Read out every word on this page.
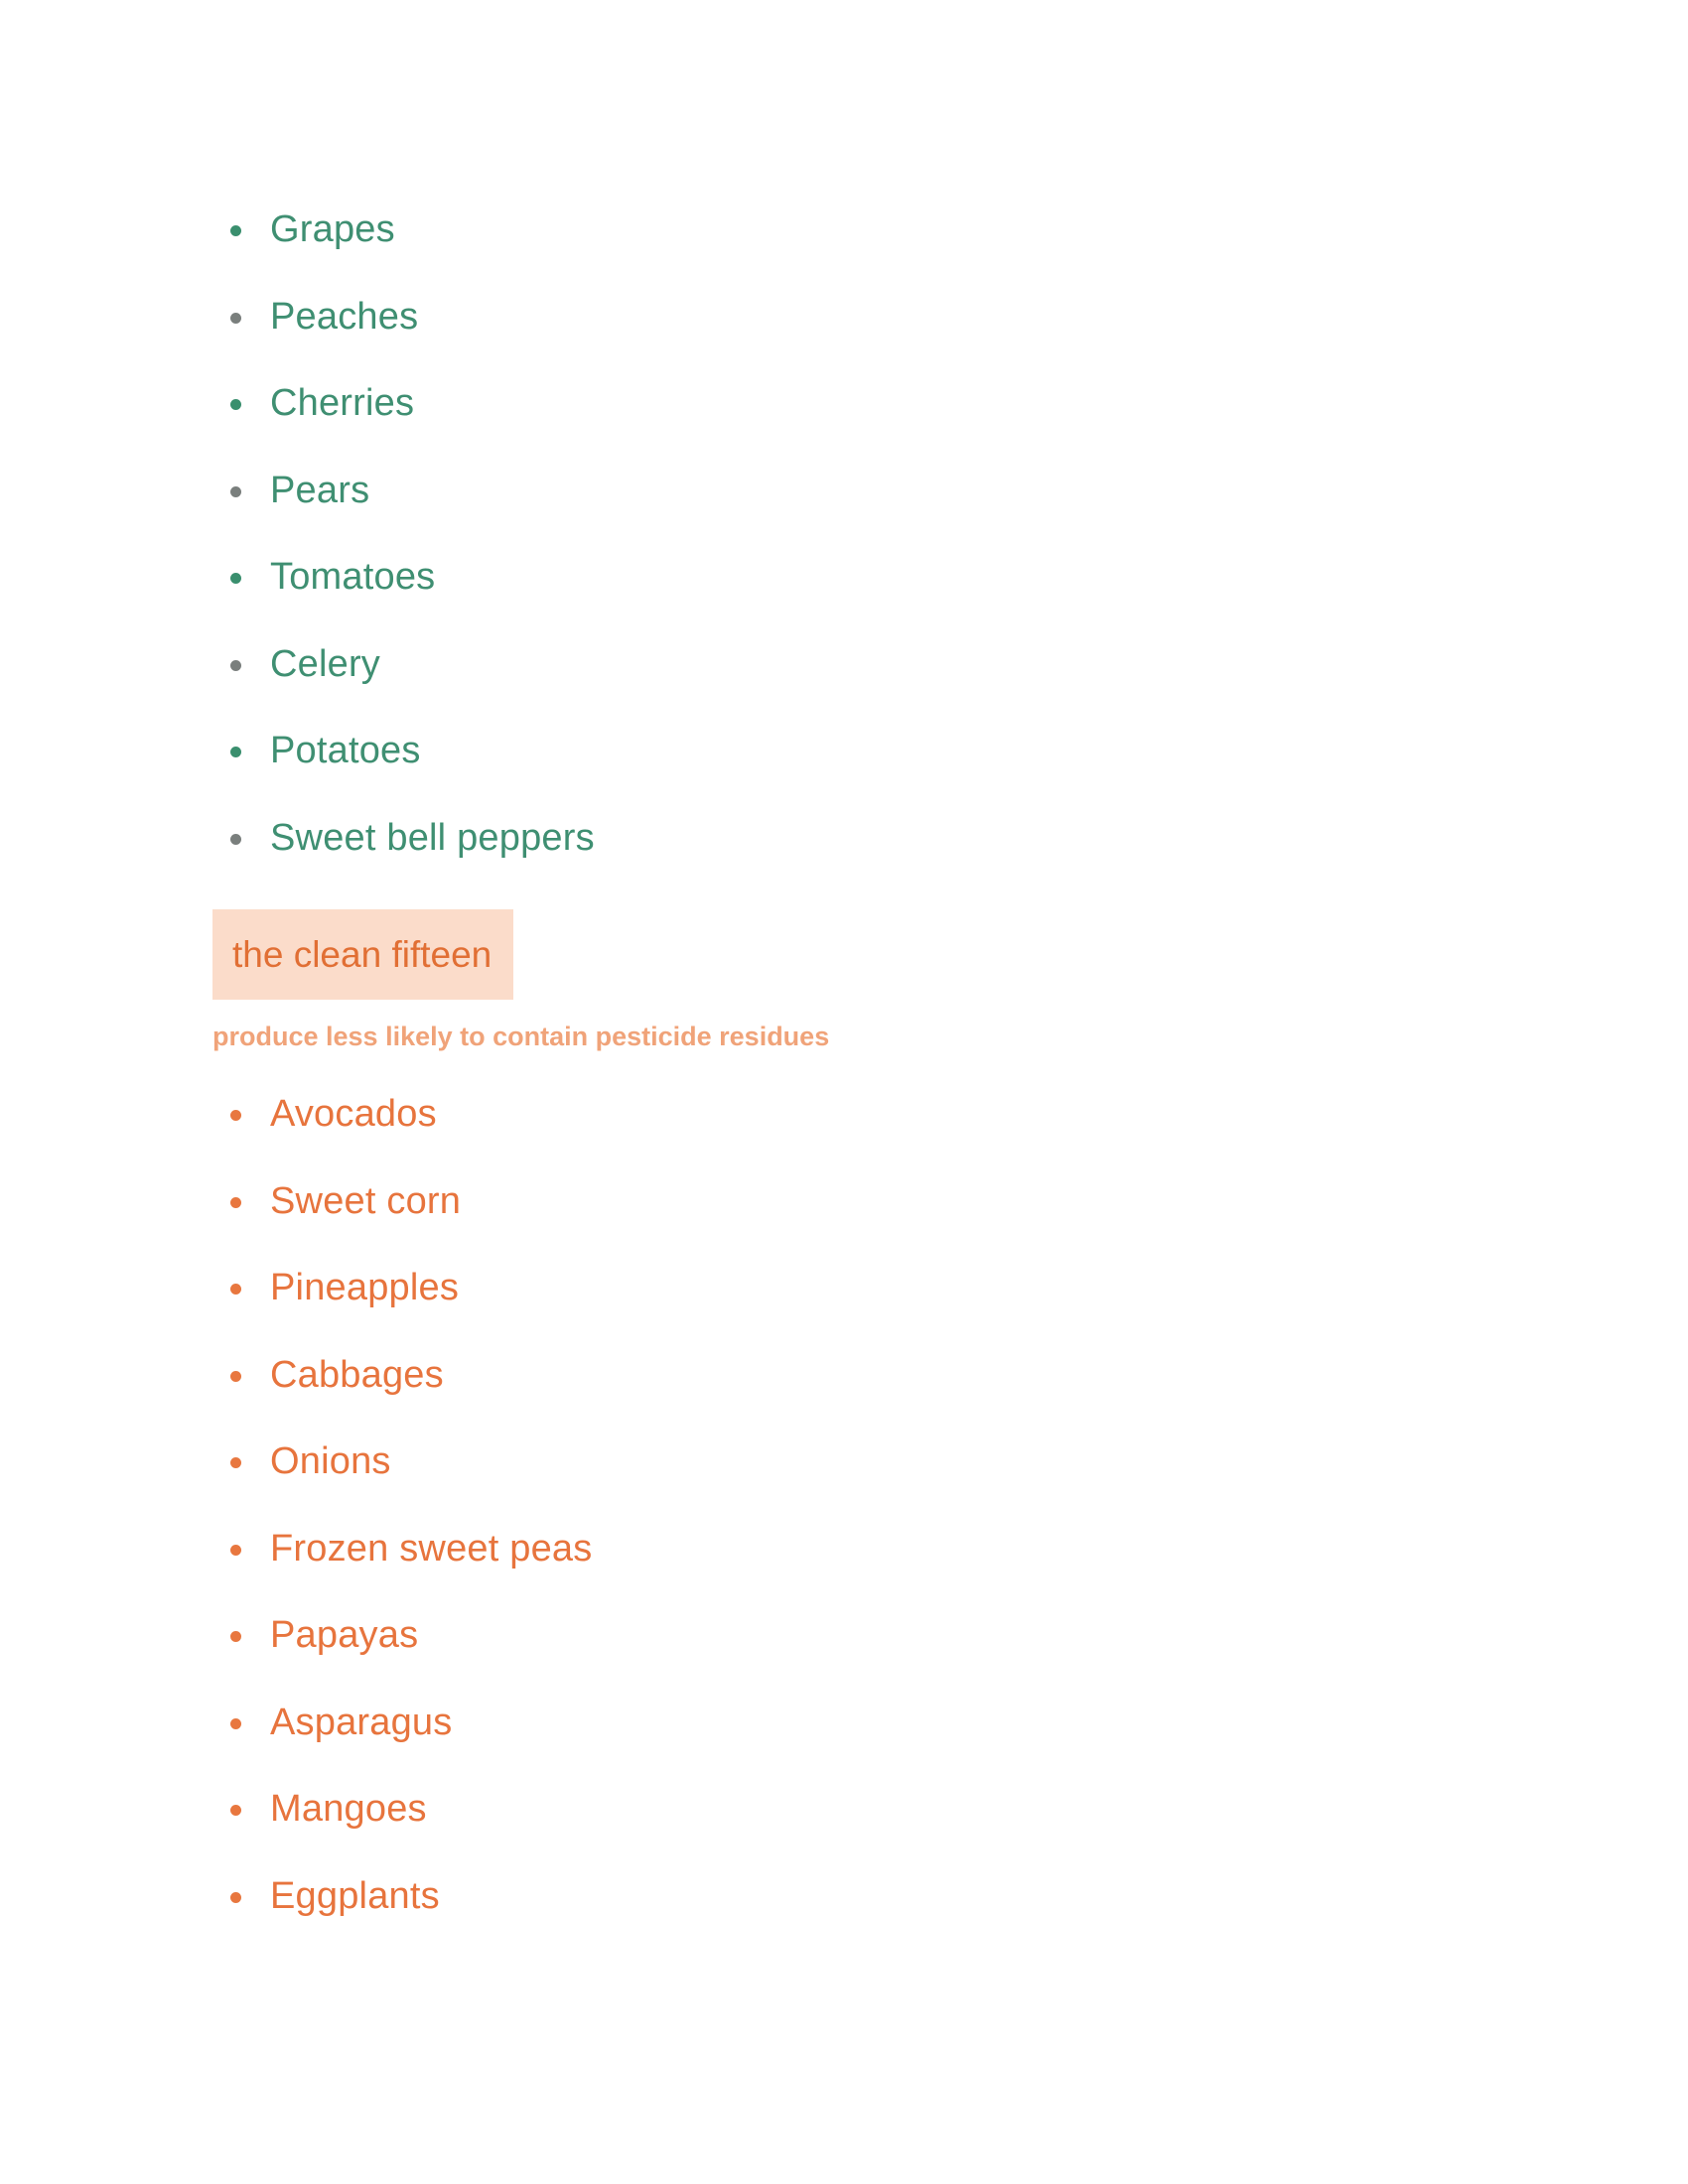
Grapes
Peaches
Cherries
Pears
Tomatoes
Celery
Potatoes
Sweet bell peppers
the clean fifteen
produce less likely to contain pesticide residues
Avocados
Sweet corn
Pineapples
Cabbages
Onions
Frozen sweet peas
Papayas
Asparagus
Mangoes
Eggplants
